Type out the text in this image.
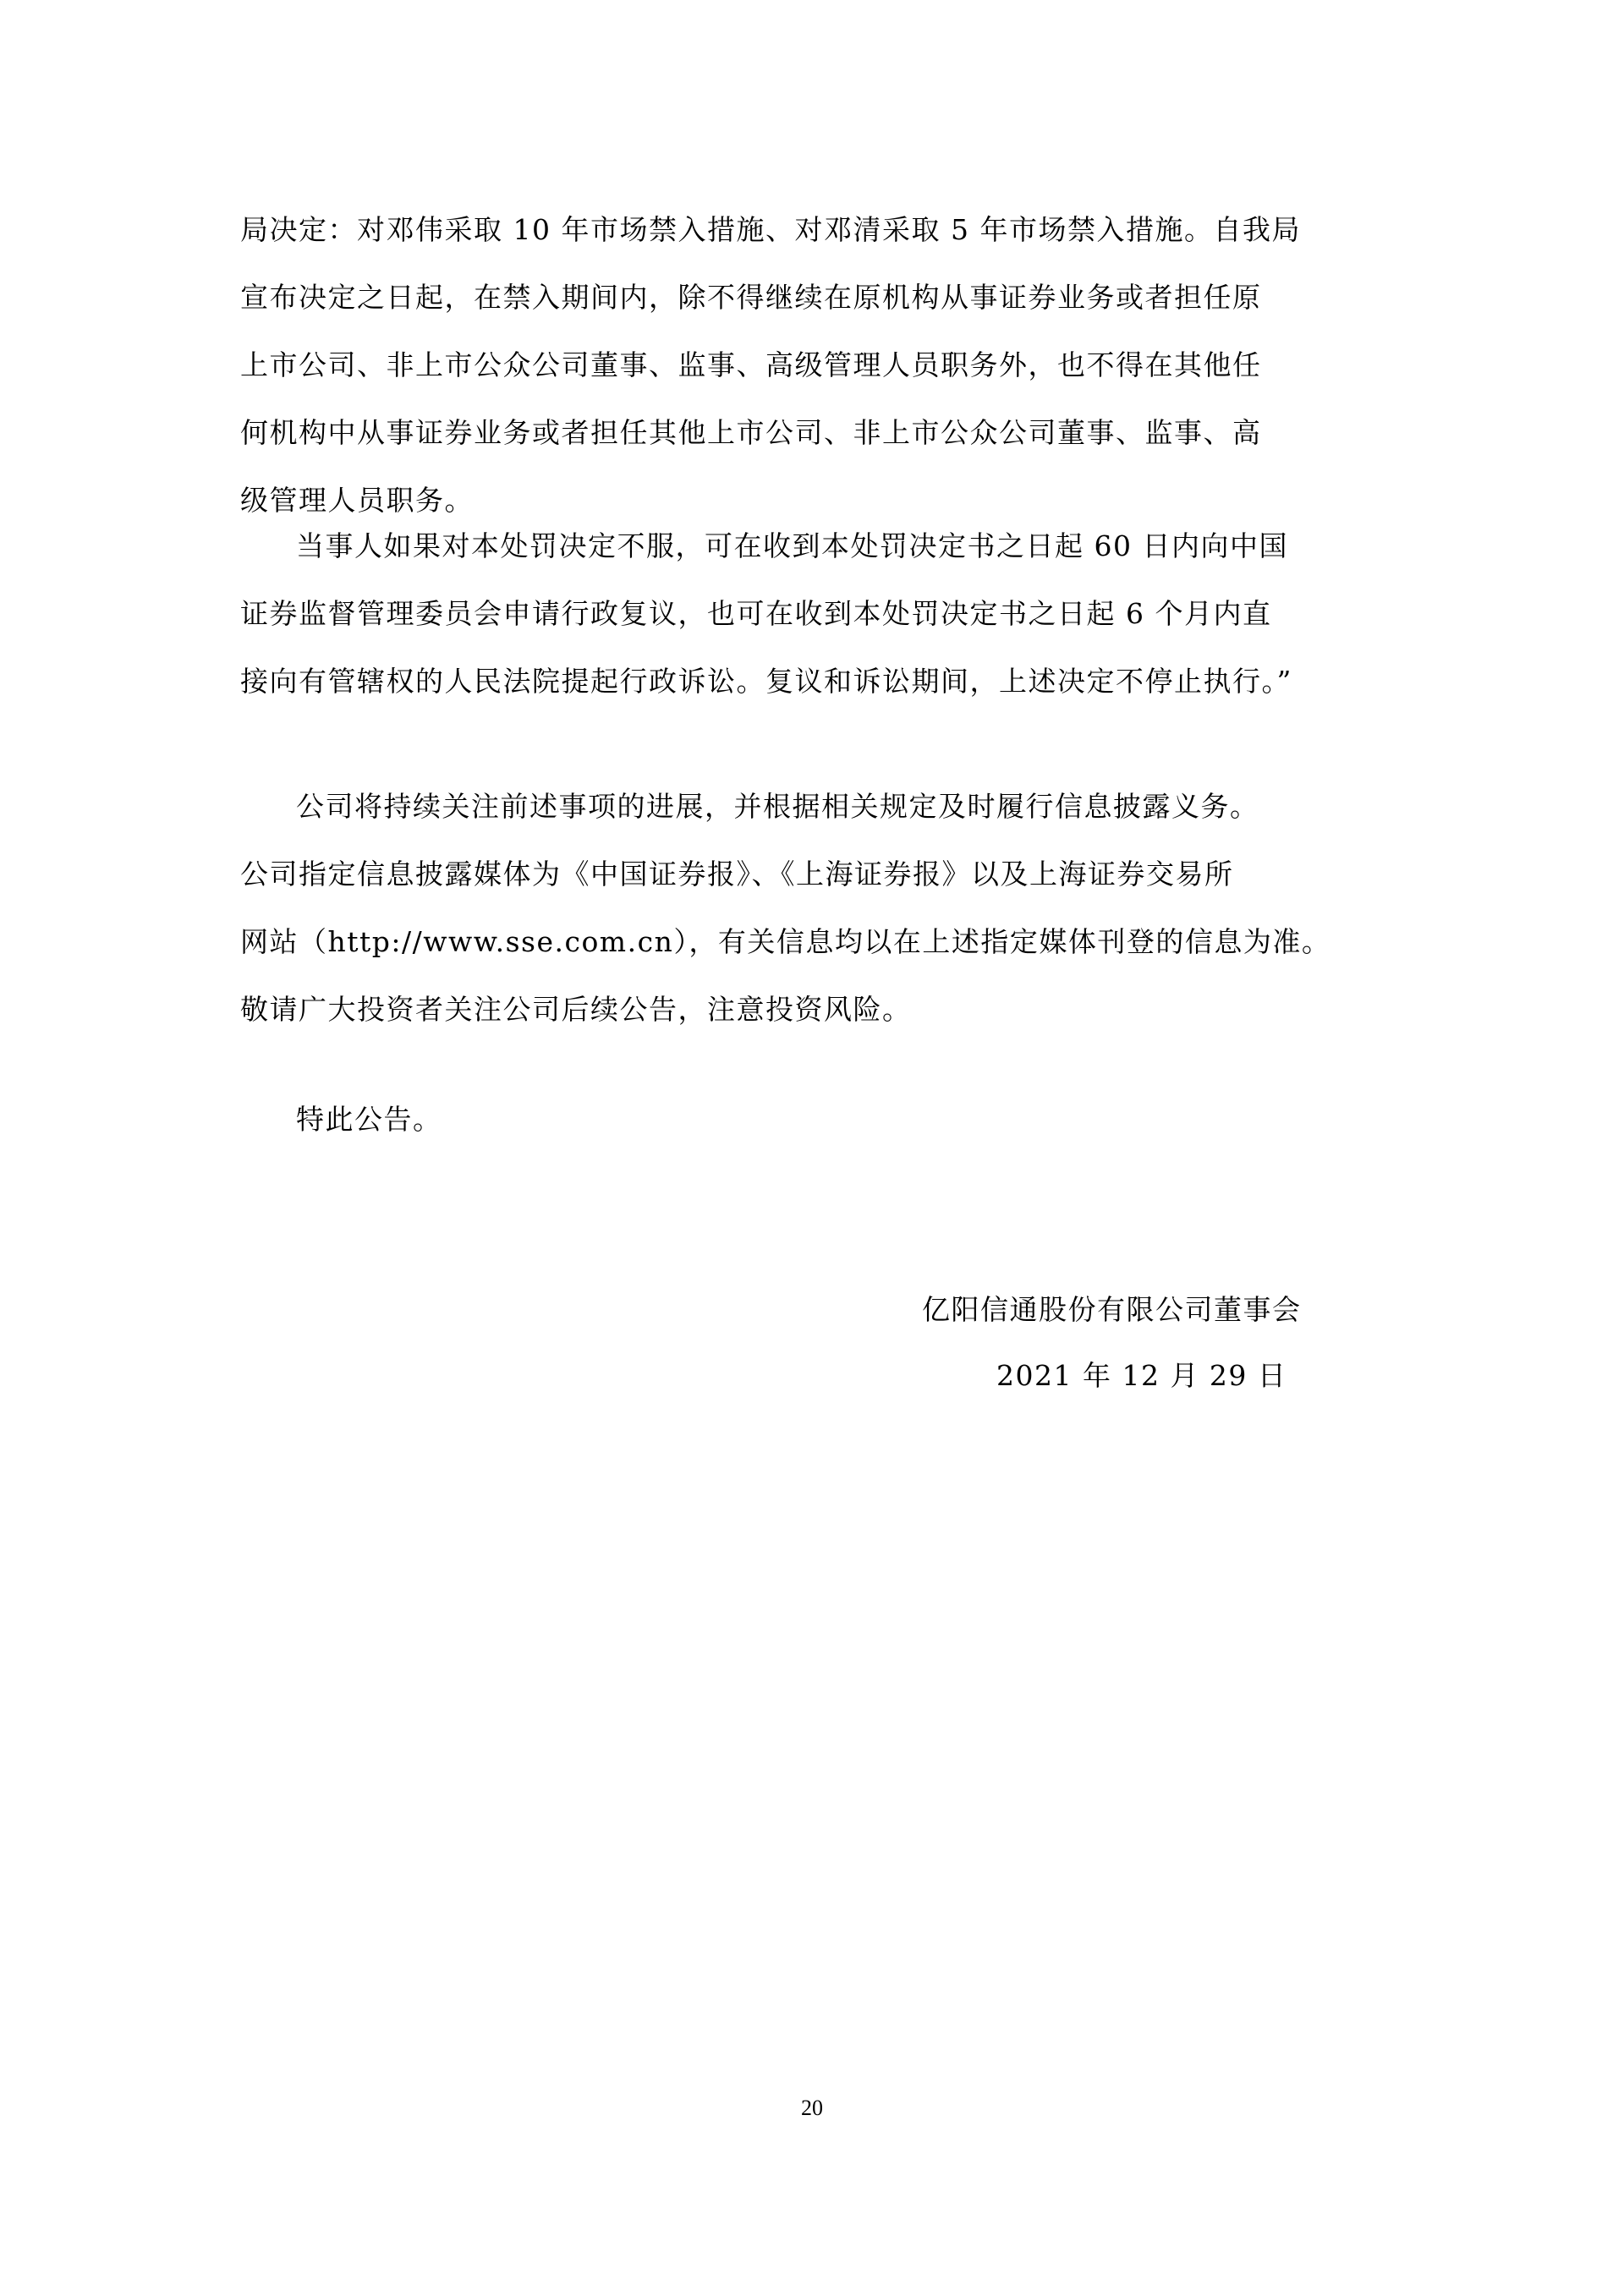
局决定：对邓伟采取 10 年市场禁入措施、对邓清采取 5 年市场禁入措施。自我局
宣布决定之日起，在禁入期间内，除不得继续在原机构从事证券业务或者担任原
上市公司、非上市公众公司董事、监事、高级管理人员职务外，也不得在其他任
何机构中从事证券业务或者担任其他上市公司、非上市公众公司董事、监事、高
级管理人员职务。
当事人如果对本处罚决定不服，可在收到本处罚决定书之日起 60 日内向中国
证券监督管理委员会申请行政复议，也可在收到本处罚决定书之日起 6 个月内直
接向有管辖权的人民法院提起行政诉讼。复议和诉讼期间，上述决定不停止执行。”
公司将持续关注前述事项的进展，并根据相关规定及时履行信息披露义务。
公司指定信息披露媒体为《中国证券报》、《上海证券报》以及上海证券交易所
网站（http://www.sse.com.cn），有关信息均以在上述指定媒体刊登的信息为准。
敬请广大投资者关注公司后续公告，注意投资风险。
特此公告。
亿阳信通股份有限公司董事会
2021 年 12 月 29 日
20
